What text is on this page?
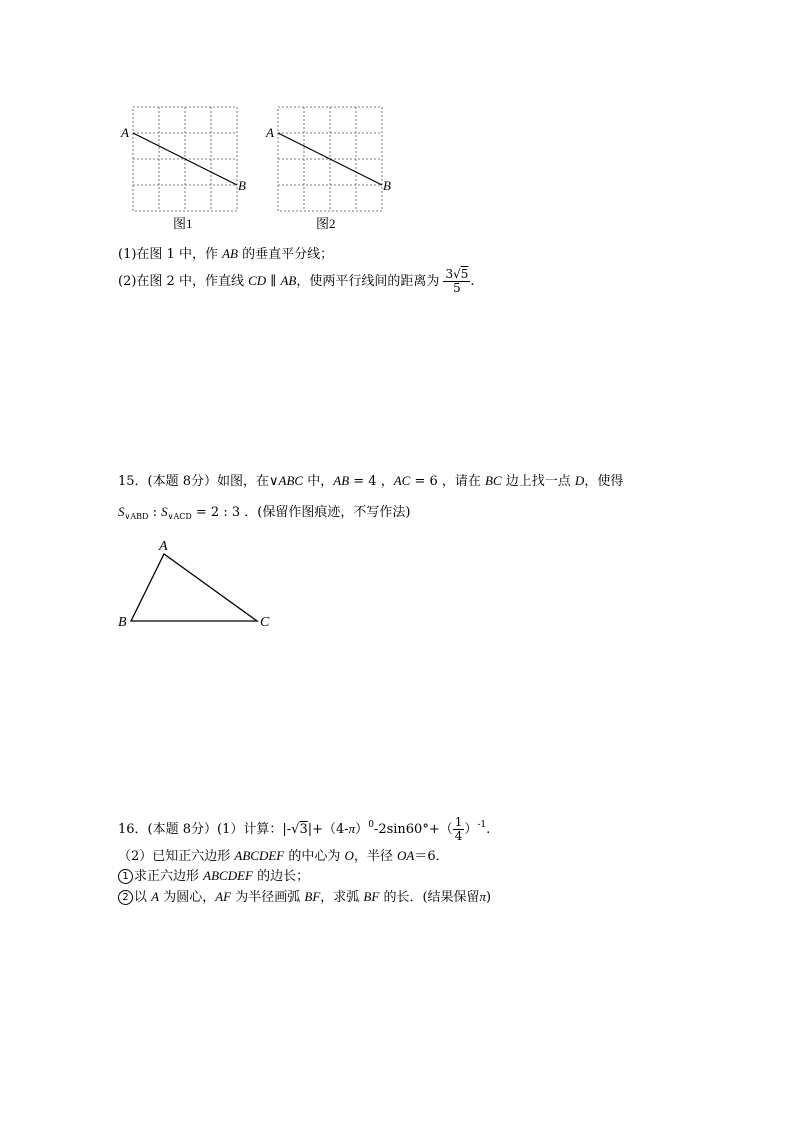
A
B
图1
A
B
图2
(1)在图 1 中，作 AB 的垂直平分线；
(2)在图 2 中，作直线 CD ∥ AB，使两平行线间的距离为 $\frac{3√5}{5}$ .
15．(本题 8分）如图，在∨ABC 中，AB = 4 ，AC = 6 ，请在 BC 边上找一点 D，使得
$S_{\vee ABD}$ : $S_{\vee ACD} = 2$ : 3 ．(保留作图痕迹，不写作法)
A
B	C
16．(本题 8分）(1）计算：$|-√3|+(4-\pi)^0-2\sin 60^\circ+( \frac{1}{4} )^{-1}$.
（2）已知正六边形 ABCDEF 的中心为 O，半径 OA＝6．
1 求正六边形 ABCDEF 的边长；
2 以 A 为圆心，AF 为半径画弧 BF，求弧 BF 的长．(结果保留π)
